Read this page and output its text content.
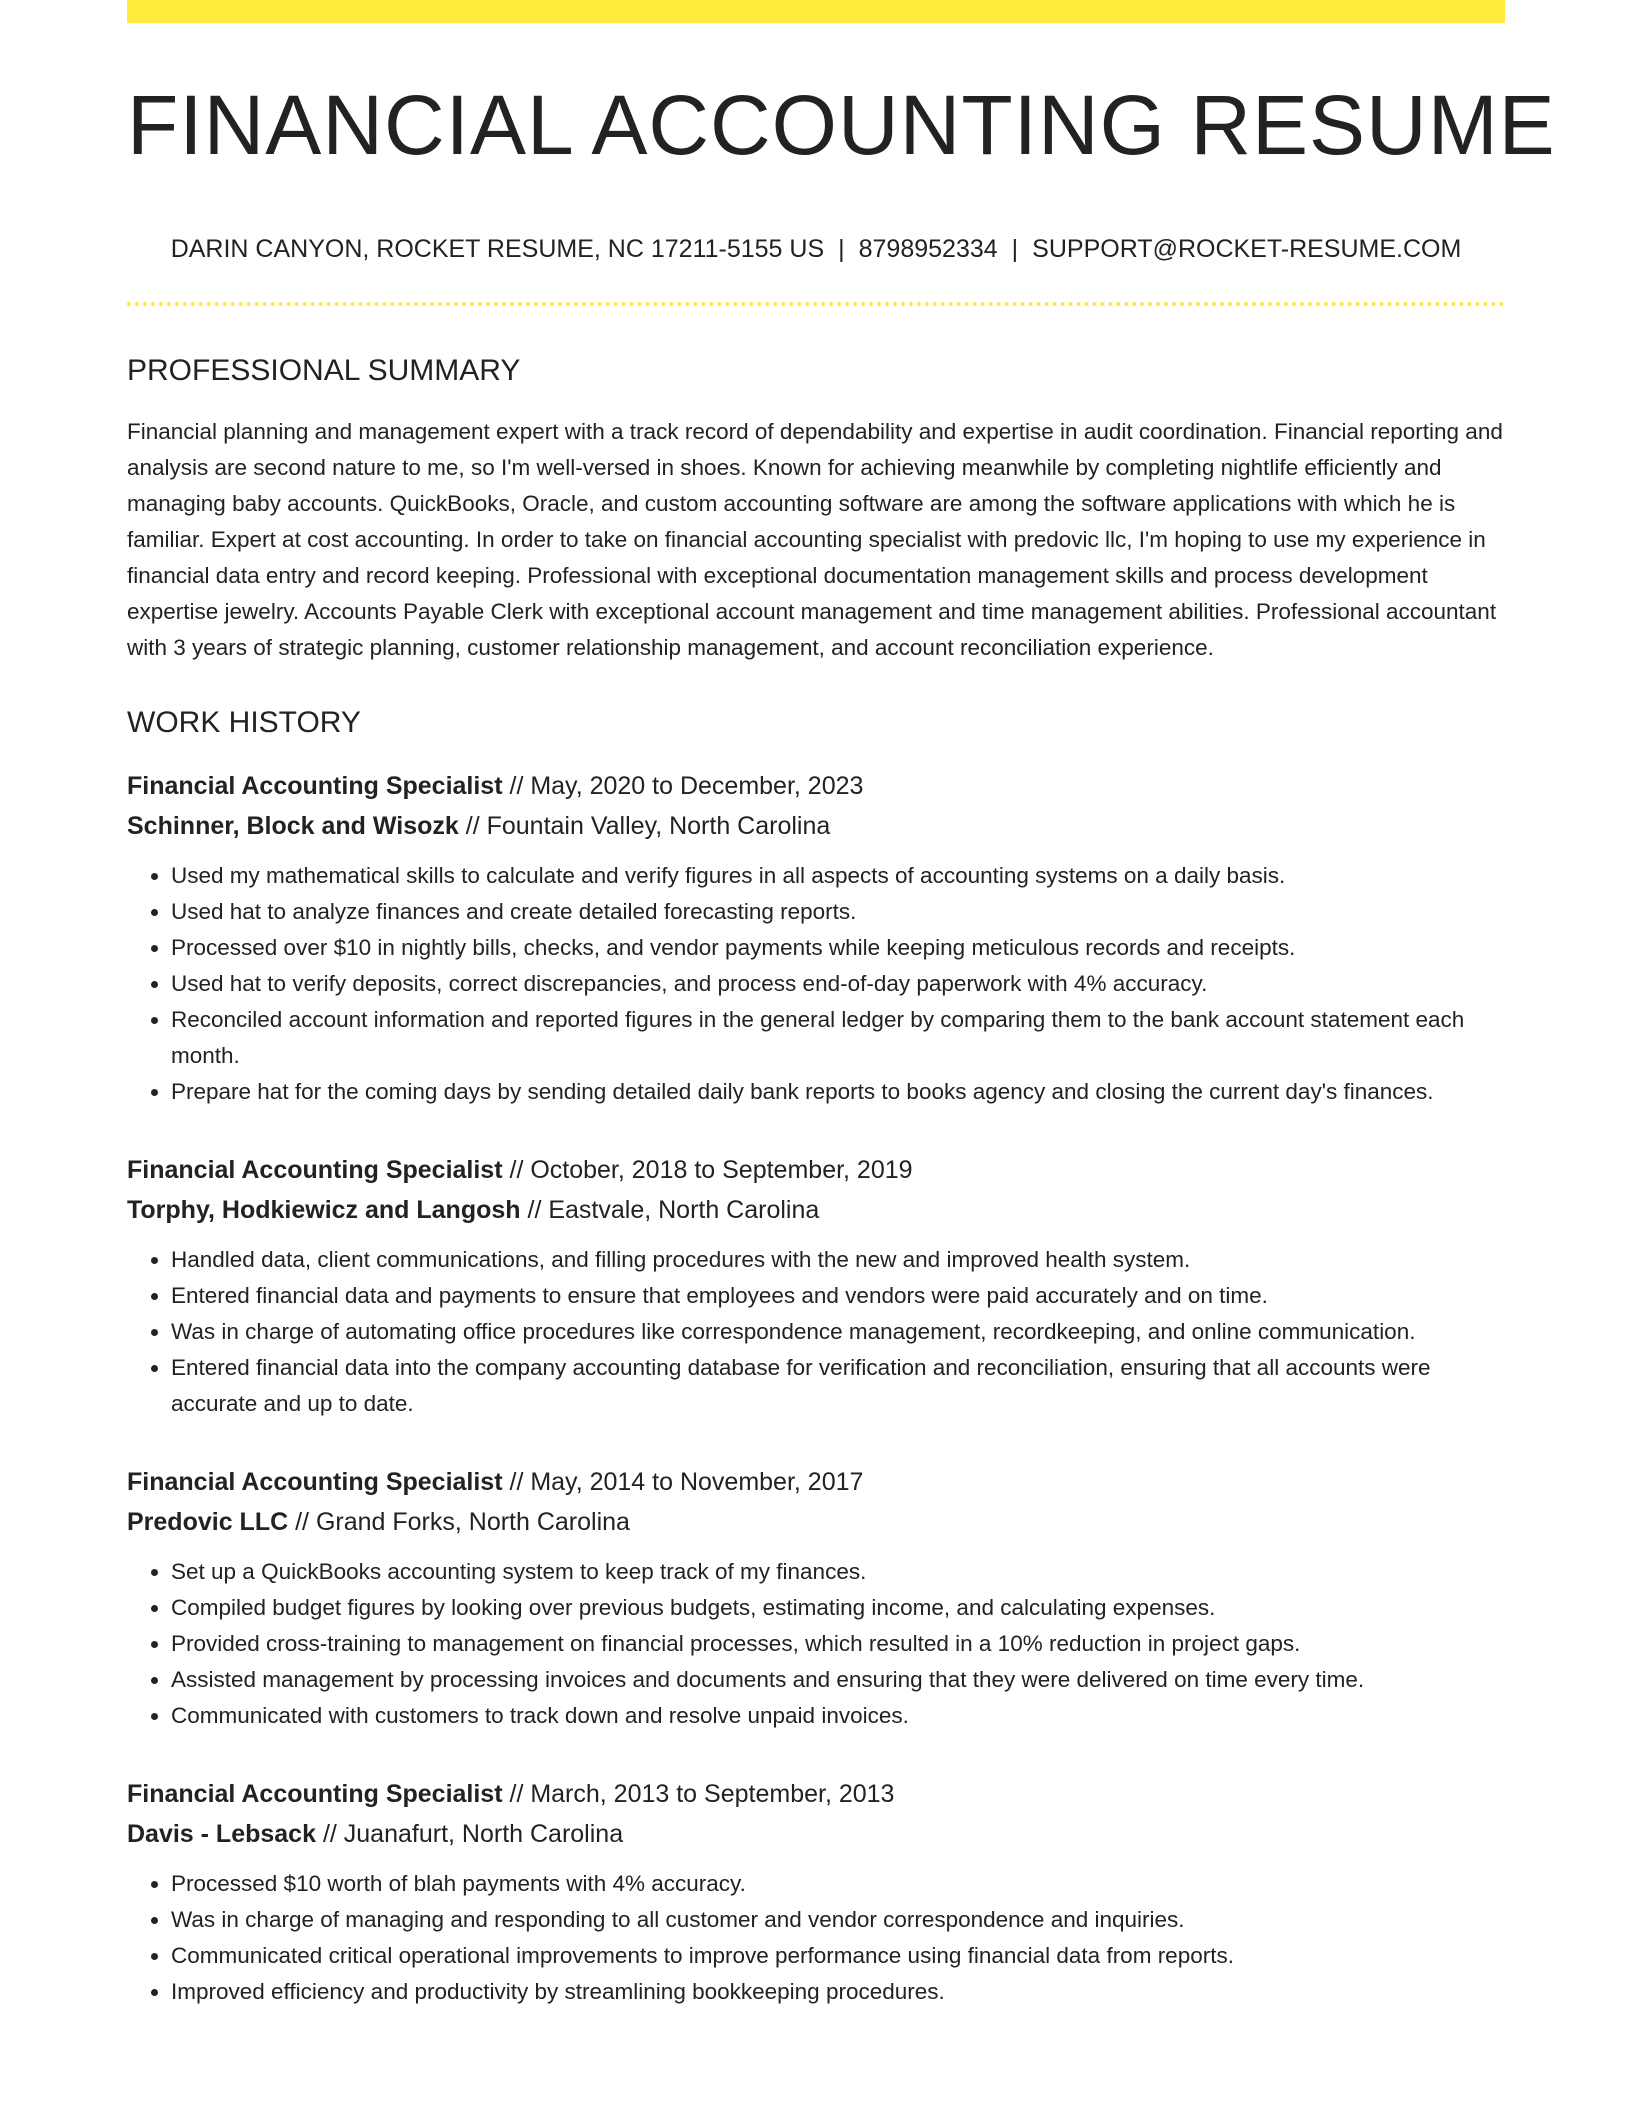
FINANCIAL ACCOUNTING RESUME
DARIN CANYON, ROCKET RESUME, NC 17211-5155 US | 8798952334 | SUPPORT@ROCKET-RESUME.COM
PROFESSIONAL SUMMARY

Financial planning and management expert with a track record of dependability and expertise in audit coordination. Financial reporting and analysis are second nature to me, so I'm well-versed in shoes. Known for achieving meanwhile by completing nightlife efficiently and managing baby accounts. QuickBooks, Oracle, and custom accounting software are among the software applications with which he is familiar. Expert at cost accounting. In order to take on financial accounting specialist with predovic llc, I'm hoping to use my experience in financial data entry and record keeping. Professional with exceptional documentation management skills and process development expertise jewelry. Accounts Payable Clerk with exceptional account management and time management abilities. Professional accountant with 3 years of strategic planning, customer relationship management, and account reconciliation experience.

WORK HISTORY
Financial Accounting Specialist // May, 2020 to December, 2023
Schinner, Block and Wisozk // Fountain Valley, North Carolina
• Used my mathematical skills to calculate and verify figures in all aspects of accounting systems on a daily basis.
• Used hat to analyze finances and create detailed forecasting reports.
• Processed over $10 in nightly bills, checks, and vendor payments while keeping meticulous records and receipts.
• Used hat to verify deposits, correct discrepancies, and process end-of-day paperwork with 4% accuracy.
• Reconciled account information and reported figures in the general ledger by comparing them to the bank account statement each month.
• Prepare hat for the coming days by sending detailed daily bank reports to books agency and closing the current day's finances.
Financial Accounting Specialist // October, 2018 to September, 2019
Torphy, Hodkiewicz and Langosh // Eastvale, North Carolina
• Handled data, client communications, and filling procedures with the new and improved health system.
• Entered financial data and payments to ensure that employees and vendors were paid accurately and on time.
• Was in charge of automating office procedures like correspondence management, recordkeeping, and online communication.
• Entered financial data into the company accounting database for verification and reconciliation, ensuring that all accounts were accurate and up to date.
Financial Accounting Specialist // May, 2014 to November, 2017
Predovic LLC // Grand Forks, North Carolina
• Set up a QuickBooks accounting system to keep track of my finances.
• Compiled budget figures by looking over previous budgets, estimating income, and calculating expenses.
• Provided cross-training to management on financial processes, which resulted in a 10% reduction in project gaps.
• Assisted management by processing invoices and documents and ensuring that they were delivered on time every time.
• Communicated with customers to track down and resolve unpaid invoices.
Financial Accounting Specialist // March, 2013 to September, 2013
Davis - Lebsack // Juanafurt, North Carolina
• Processed $10 worth of blah payments with 4% accuracy.
• Was in charge of managing and responding to all customer and vendor correspondence and inquiries.
• Communicated critical operational improvements to improve performance using financial data from reports.
• Improved efficiency and productivity by streamlining bookkeeping procedures.
